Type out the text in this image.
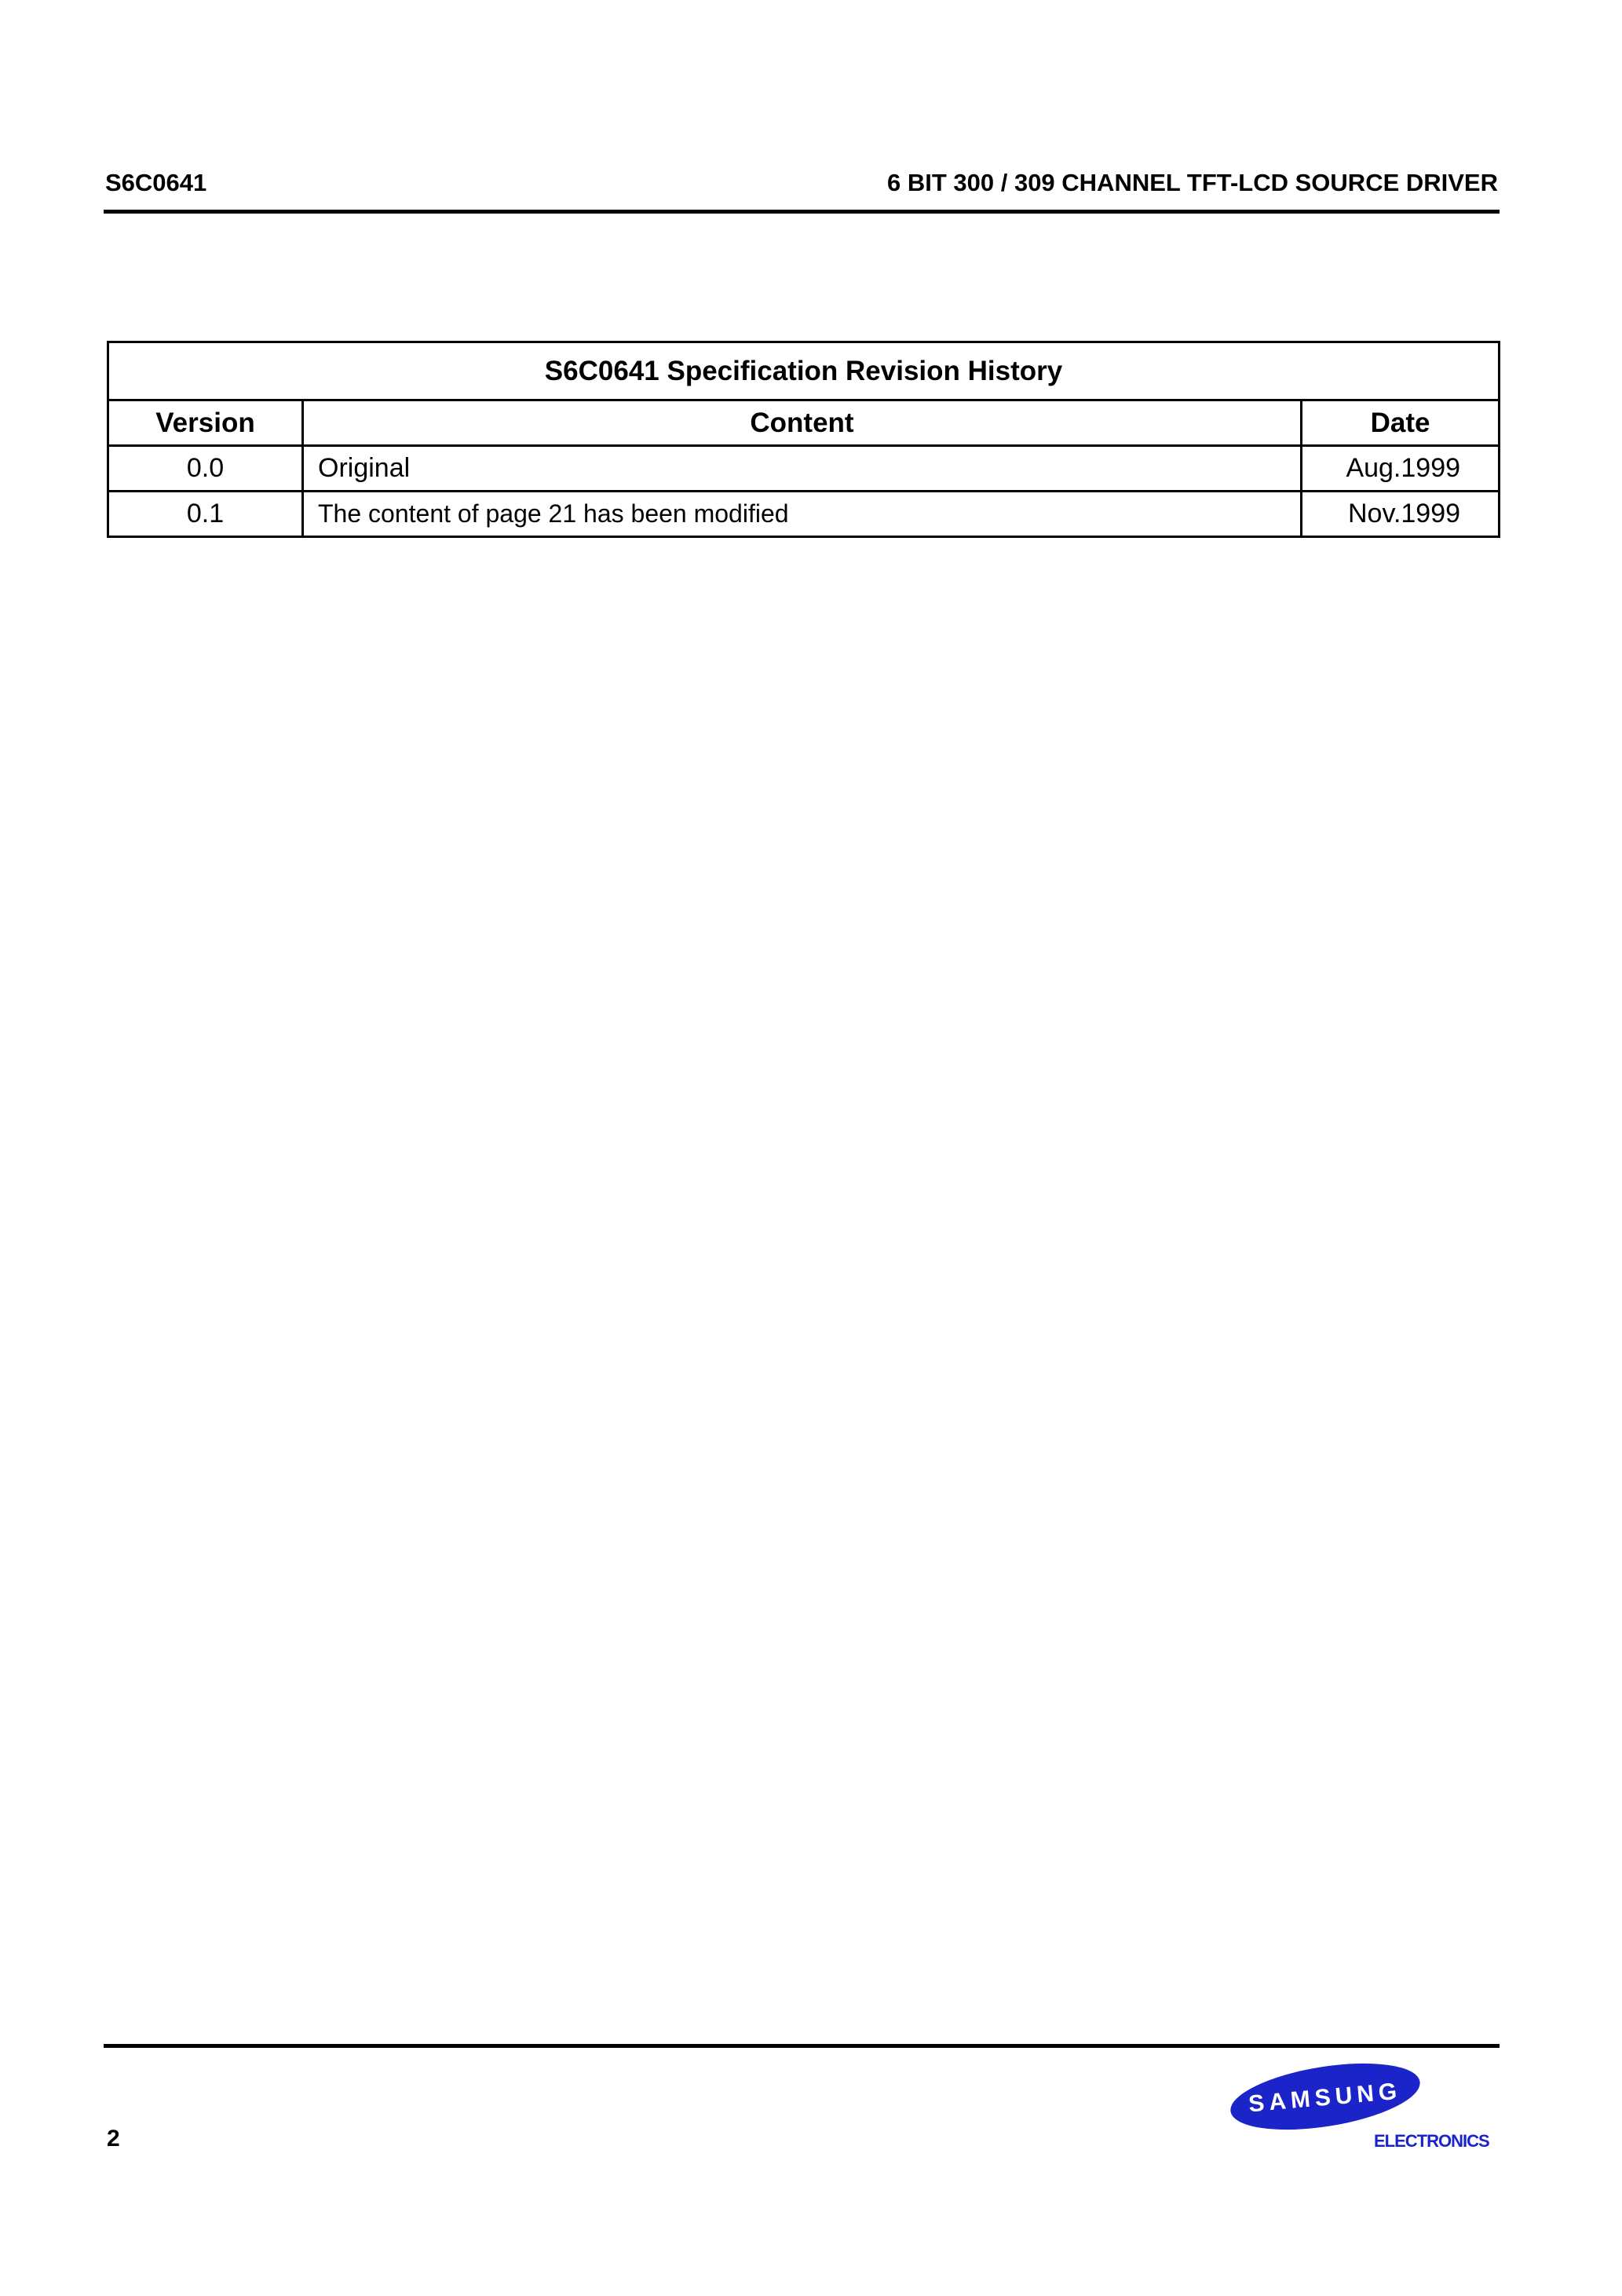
S6C0641	6 BIT 300 / 309 CHANNEL TFT-LCD SOURCE DRIVER
S6C0641 Specification Revision History		
Version	Content	Date
0.0	Original	Aug.1999
0.1	The content of page 21 has been modified	Nov.1999
2
SAMSUNG
ELECTRONICS
